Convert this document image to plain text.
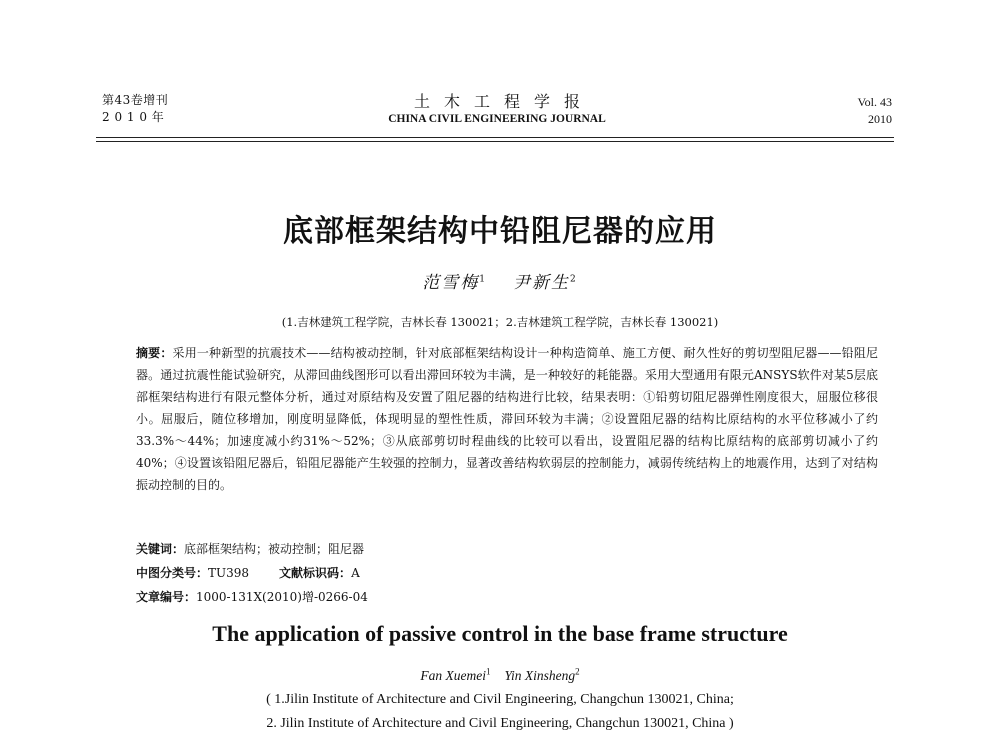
第43卷增刊
2 0 1 0 年
土木工程学报
CHINA CIVIL ENGINEERING JOURNAL
Vol. 43
2010
底部框架结构中铅阻尼器的应用
范雪梅$^1$ 尹新生$^2$
(1.吉林建筑工程学院，吉林长春 130021；2.吉林建筑工程学院，吉林长春 130021)
摘要：采用一种新型的抗震技术——结构被动控制，针对底部框架结构设计一种构造简单、施工方便、耐久性好的剪切型阻尼器——铅阻尼器。通过抗震性能试验研究，从滞回曲线图形可以看出滞回环较为丰满，是一种较好的耗能器。采用大型通用有限元ANSYS软件对某5层底部框架结构进行有限元整体分析，通过对原结构及安置了阻尼器的结构进行比较，结果表明：①铅剪切阻尼器弹性刚度很大，屈服位移很小。屈服后，随位移增加，刚度明显降低，体现明显的塑性性质，滞回环较为丰满；②设置阻尼器的结构比原结构的水平位移减小了约33.3%～44%；加速度减小约31%～52%；③从底部剪切时程曲线的比较可以看出，设置阻尼器的结构比原结构的底部剪切减小了约40%；④设置该铅阻尼器后，铅阻尼器能产生较强的控制力，显著改善结构软弱层的控制能力，减弱传统结构上的地震作用，达到了对结构振动控制的目的。
关键词：底部框架结构；被动控制；阻尼器
中图分类号：TU398	文献标识码：A
文章编号：1000-131X(2010)增-0266-04
The application of passive control in the base frame structure
Fan Xuemei$^1$ Yin Xinsheng$^2$
( 1.Jilin Institute of Architecture and Civil Engineering, Changchun 130021, China;
2. Jilin Institute of Architecture and Civil Engineering, Changchun 130021, China )
